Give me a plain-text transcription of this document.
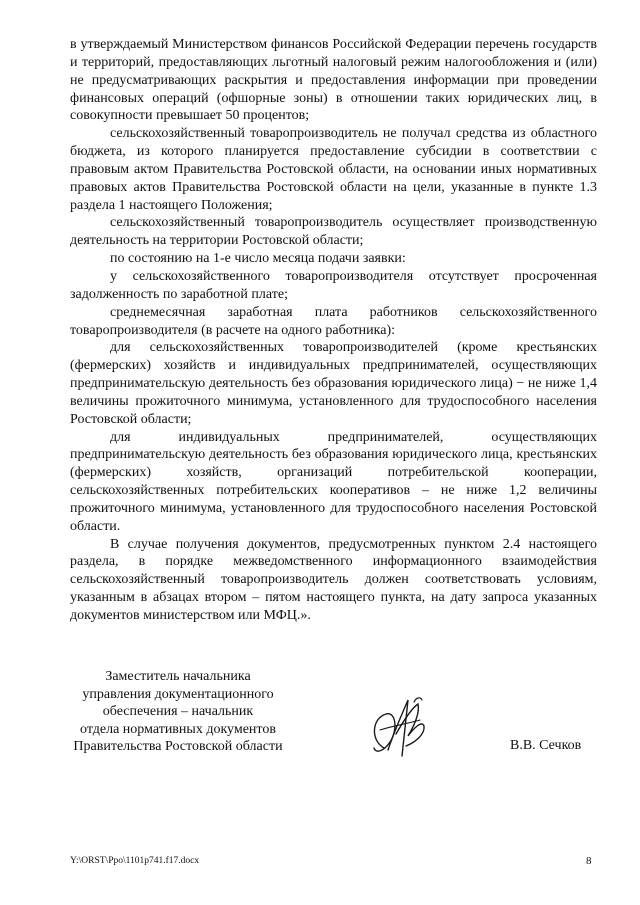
в утверждаемый Министерством финансов Российской Федерации перечень государств и территорий, предоставляющих льготный налоговый режим налогообложения и (или) не предусматривающих раскрытия и предоставления информации при проведении финансовых операций (офшорные зоны) в отношении таких юридических лиц, в совокупности превышает 50 процентов;

сельскохозяйственный товаропроизводитель не получал средства из областного бюджета, из которого планируется предоставление субсидии в соответствии с правовым актом Правительства Ростовской области, на основании иных нормативных правовых актов Правительства Ростовской области на цели, указанные в пункте 1.3 раздела 1 настоящего Положения;

сельскохозяйственный товаропроизводитель осуществляет производственную деятельность на территории Ростовской области;

по состоянию на 1-е число месяца подачи заявки:

у сельскохозяйственного товаропроизводителя отсутствует просроченная задолженность по заработной плате;

среднемесячная заработная плата работников сельскохозяйственного товаропроизводителя (в расчете на одного работника):

для сельскохозяйственных товаропроизводителей (кроме крестьянских (фермерских) хозяйств и индивидуальных предпринимателей, осуществляющих предпринимательскую деятельность без образования юридического лица) − не ниже 1,4 величины прожиточного минимума, установленного для трудоспособного населения Ростовской области;

для индивидуальных предпринимателей, осуществляющих предпринимательскую деятельность без образования юридического лица, крестьянских (фермерских) хозяйств, организаций потребительской кооперации, сельскохозяйственных потребительских кооперативов – не ниже 1,2 величины прожиточного минимума, установленного для трудоспособного населения Ростовской области.

В случае получения документов, предусмотренных пунктом 2.4 настоящего раздела, в порядке межведомственного информационного взаимодействия сельскохозяйственный товаропроизводитель должен соответствовать условиям, указанным в абзацах втором – пятом настоящего пункта, на дату запроса указанных документов министерством или МФЦ.».

Заместитель начальника
управления документационного
обеспечения – начальник
отдела нормативных документов
Правительства Ростовской области	В.В. Сечков
Y:\ORST\Ppo\1101p741.f17.docx	8
